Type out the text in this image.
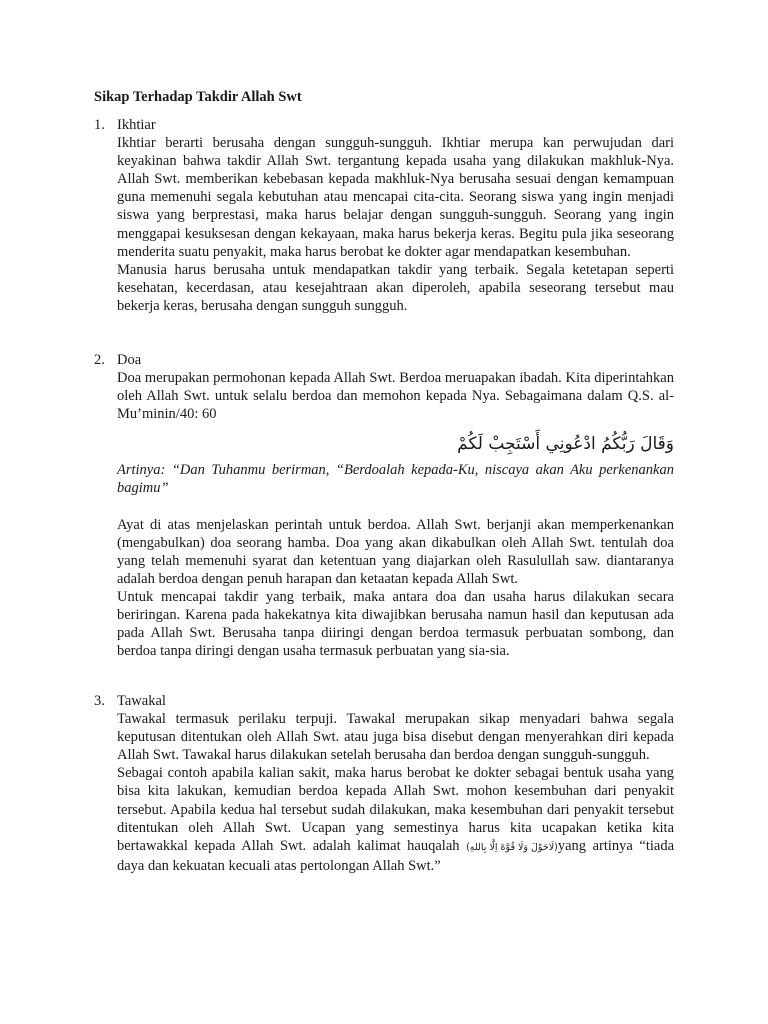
Sikap Terhadap Takdir Allah Swt
1. Ikhtiar

Ikhtiar berarti berusaha dengan sungguh-sungguh. Ikhtiar merupa kan perwujudan dari keyakinan bahwa takdir Allah Swt. tergantung kepada usaha yang dilakukan makhluk-Nya. Allah Swt. memberikan kebebasan kepada makhluk-Nya berusaha sesuai dengan kemampuan guna memenuhi segala kebutuhan atau mencapai cita-cita. Seorang siswa yang ingin menjadi siswa yang berprestasi, maka harus belajar dengan sungguh-sungguh. Seorang yang ingin menggapai kesuksesan dengan kekayaan, maka harus bekerja keras. Begitu pula jika seseorang menderita suatu penyakit, maka harus berobat ke dokter agar mendapatkan kesembuhan.

Manusia harus berusaha untuk mendapatkan takdir yang terbaik. Segala ketetapan seperti kesehatan, kecerdasan, atau kesejahtraan akan diperoleh, apabila seseorang tersebut mau bekerja keras, berusaha dengan sungguh sungguh.

2. Doa

Doa merupakan permohonan kepada Allah Swt. Berdoa meruapakan ibadah. Kita diperintahkan oleh Allah Swt. untuk selalu berdoa dan memohon kepada Nya. Sebagaimana dalam Q.S. al-Mu’minin/40: 60

وَقَالَ رَبُّكُمُ ادْعُونِي أَسْتَجِبْ لَكُمْ

Artinya: “Dan Tuhanmu berirman, “Berdoalah kepada-Ku, niscaya akan Aku perkenankan bagimu”

Ayat di atas menjelaskan perintah untuk berdoa. Allah Swt. berjanji akan memperkenankan (mengabulkan) doa seorang hamba. Doa yang akan dikabulkan oleh Allah Swt. tentulah doa yang telah memenuhi syarat dan ketentuan yang diajarkan oleh Rasulullah saw. diantaranya adalah berdoa dengan penuh harapan dan ketaatan kepada Allah Swt.

Untuk mencapai takdir yang terbaik, maka antara doa dan usaha harus dilakukan secara beriringan. Karena pada hakekatnya kita diwajibkan berusaha namun hasil dan keputusan ada pada Allah Swt. Berusaha tanpa diiringi dengan berdoa termasuk perbuatan sombong, dan berdoa tanpa diringi dengan usaha termasuk perbuatan yang sia-sia.

3. Tawakal

Tawakal termasuk perilaku terpuji. Tawakal merupakan sikap menyadari bahwa segala keputusan ditentukan oleh Allah Swt. atau juga bisa disebut dengan menyerahkan diri kepada Allah Swt. Tawakal harus dilakukan setelah berusaha dan berdoa dengan sungguh-sungguh.

Sebagai contoh apabila kalian sakit, maka harus berobat ke dokter sebagai bentuk usaha yang bisa kita lakukan, kemudian berdoa kepada Allah Swt. mohon kesembuhan dari penyakit tersebut. Apabila kedua hal tersebut sudah dilakukan, maka kesembuhan dari penyakit tersebut ditentukan oleh Allah Swt. Ucapan yang semestinya harus kita ucapakan ketika kita bertawakkal kepada Allah Swt. adalah kalimat hauqalah (لَاحَوْلَ وَلَا قُوَّةَ اِلَّا بِاللهِ)yang artinya “tiada daya dan kekuatan kecuali atas pertolongan Allah Swt.”
